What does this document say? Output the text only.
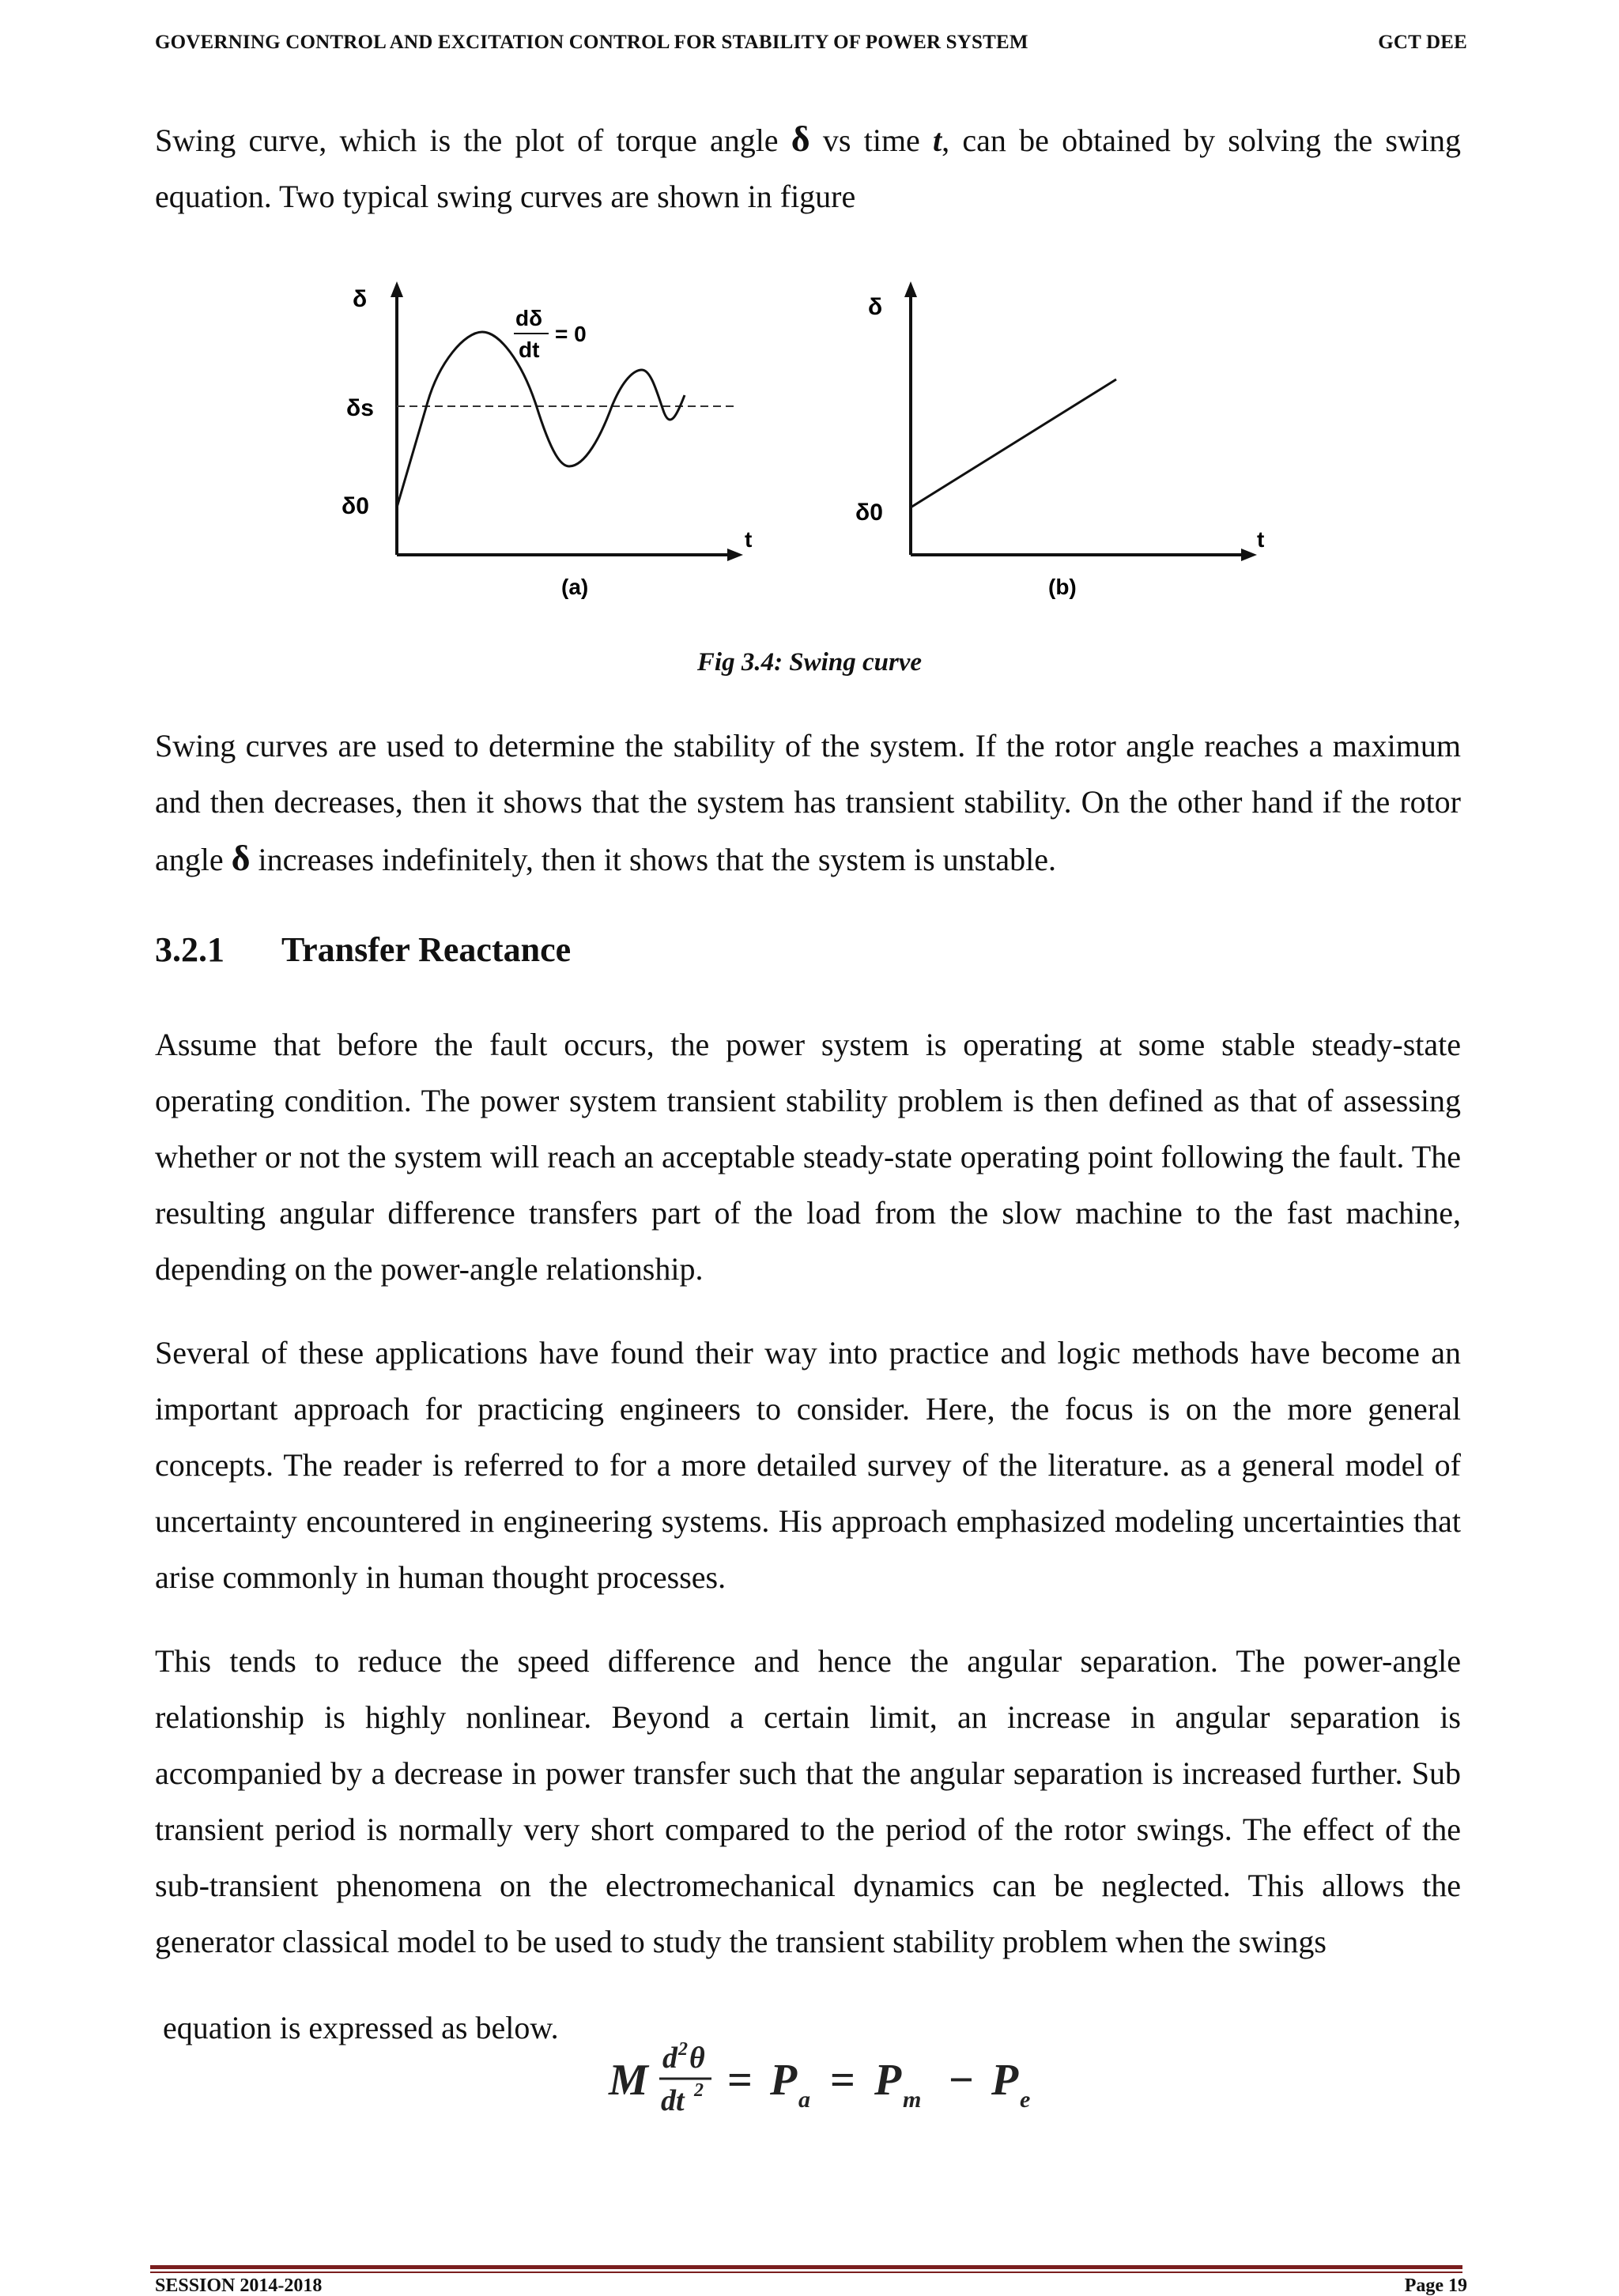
GOVERNING CONTROL AND EXCITATION CONTROL FOR STABILITY OF POWER SYSTEM	GCT DEE

Swing curve, which is the plot of torque angle δ vs time t, can be obtained by solving the swing equation. Two typical swing curves are shown in figure

δ
δs
δ0
dδ
dt
= 0
t
(a)
δ
δ0
t
(b)
Fig 3.4: Swing curve

Swing curves are used to determine the stability of the system. If the rotor angle reaches a maximum and then decreases, then it shows that the system has transient stability. On the other hand if the rotor angle δ increases indefinitely, then it shows that the system is unstable.

3.2.1 Transfer Reactance

Assume that before the fault occurs, the power system is operating at some stable steady-state operating condition. The power system transient stability problem is then defined as that of assessing whether or not the system will reach an acceptable steady-state operating point following the fault. The resulting angular difference transfers part of the load from the slow machine to the fast machine, depending on the power-angle relationship.

Several of these applications have found their way into practice and logic methods have become an important approach for practicing engineers to consider. Here, the focus is on the more general concepts. The reader is referred to for a more detailed survey of the literature. as a general model of uncertainty encountered in engineering systems. His approach emphasized modeling uncertainties that arise commonly in human thought processes.

This tends to reduce the speed difference and hence the angular separation. The power-angle relationship is highly nonlinear. Beyond a certain limit, an increase in angular separation is accompanied by a decrease in power transfer such that the angular separation is increased further. Sub transient period is normally very short compared to the period of the rotor swings. The effect of the sub-transient phenomena on the electromechanical dynamics can be neglected. This allows the generator classical model to be used to study the transient stability problem when the swings

equation is expressed as below.

M d 2 θ
dt 2 = P a = P m − P e
SESSION 2014-2018	Page 19
